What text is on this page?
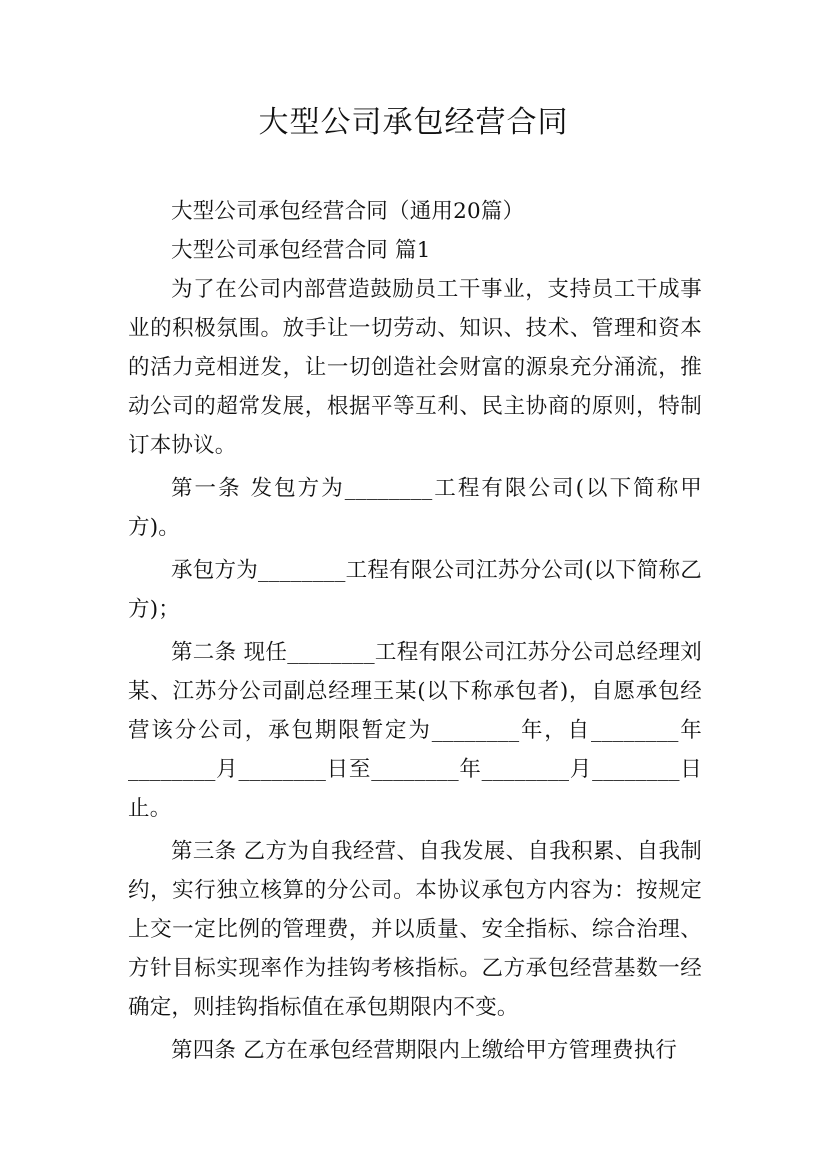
大型公司承包经营合同

大型公司承包经营合同（通用20篇）

大型公司承包经营合同 篇1

为了在公司内部营造鼓励员工干事业，支持员工干成事业的积极氛围。放手让一切劳动、知识、技术、管理和资本的活力竞相迸发，让一切创造社会财富的源泉充分涌流，推动公司的超常发展，根据平等互利、民主协商的原则，特制订本协议。

第一条 发包方为________工程有限公司(以下简称甲方)。

承包方为________工程有限公司江苏分公司(以下简称乙方)；

第二条 现任________工程有限公司江苏分公司总经理刘某、江苏分公司副总经理王某(以下称承包者)，自愿承包经营该分公司，承包期限暂定为________年，自________年________月________日至________年________月________日止。

第三条 乙方为自我经营、自我发展、自我积累、自我制约，实行独立核算的分公司。本协议承包方内容为：按规定上交一定比例的管理费，并以质量、安全指标、综合治理、方针目标实现率作为挂钩考核指标。乙方承包经营基数一经确定，则挂钩指标值在承包期限内不变。

第四条 乙方在承包经营期限内上缴给甲方管理费执行
